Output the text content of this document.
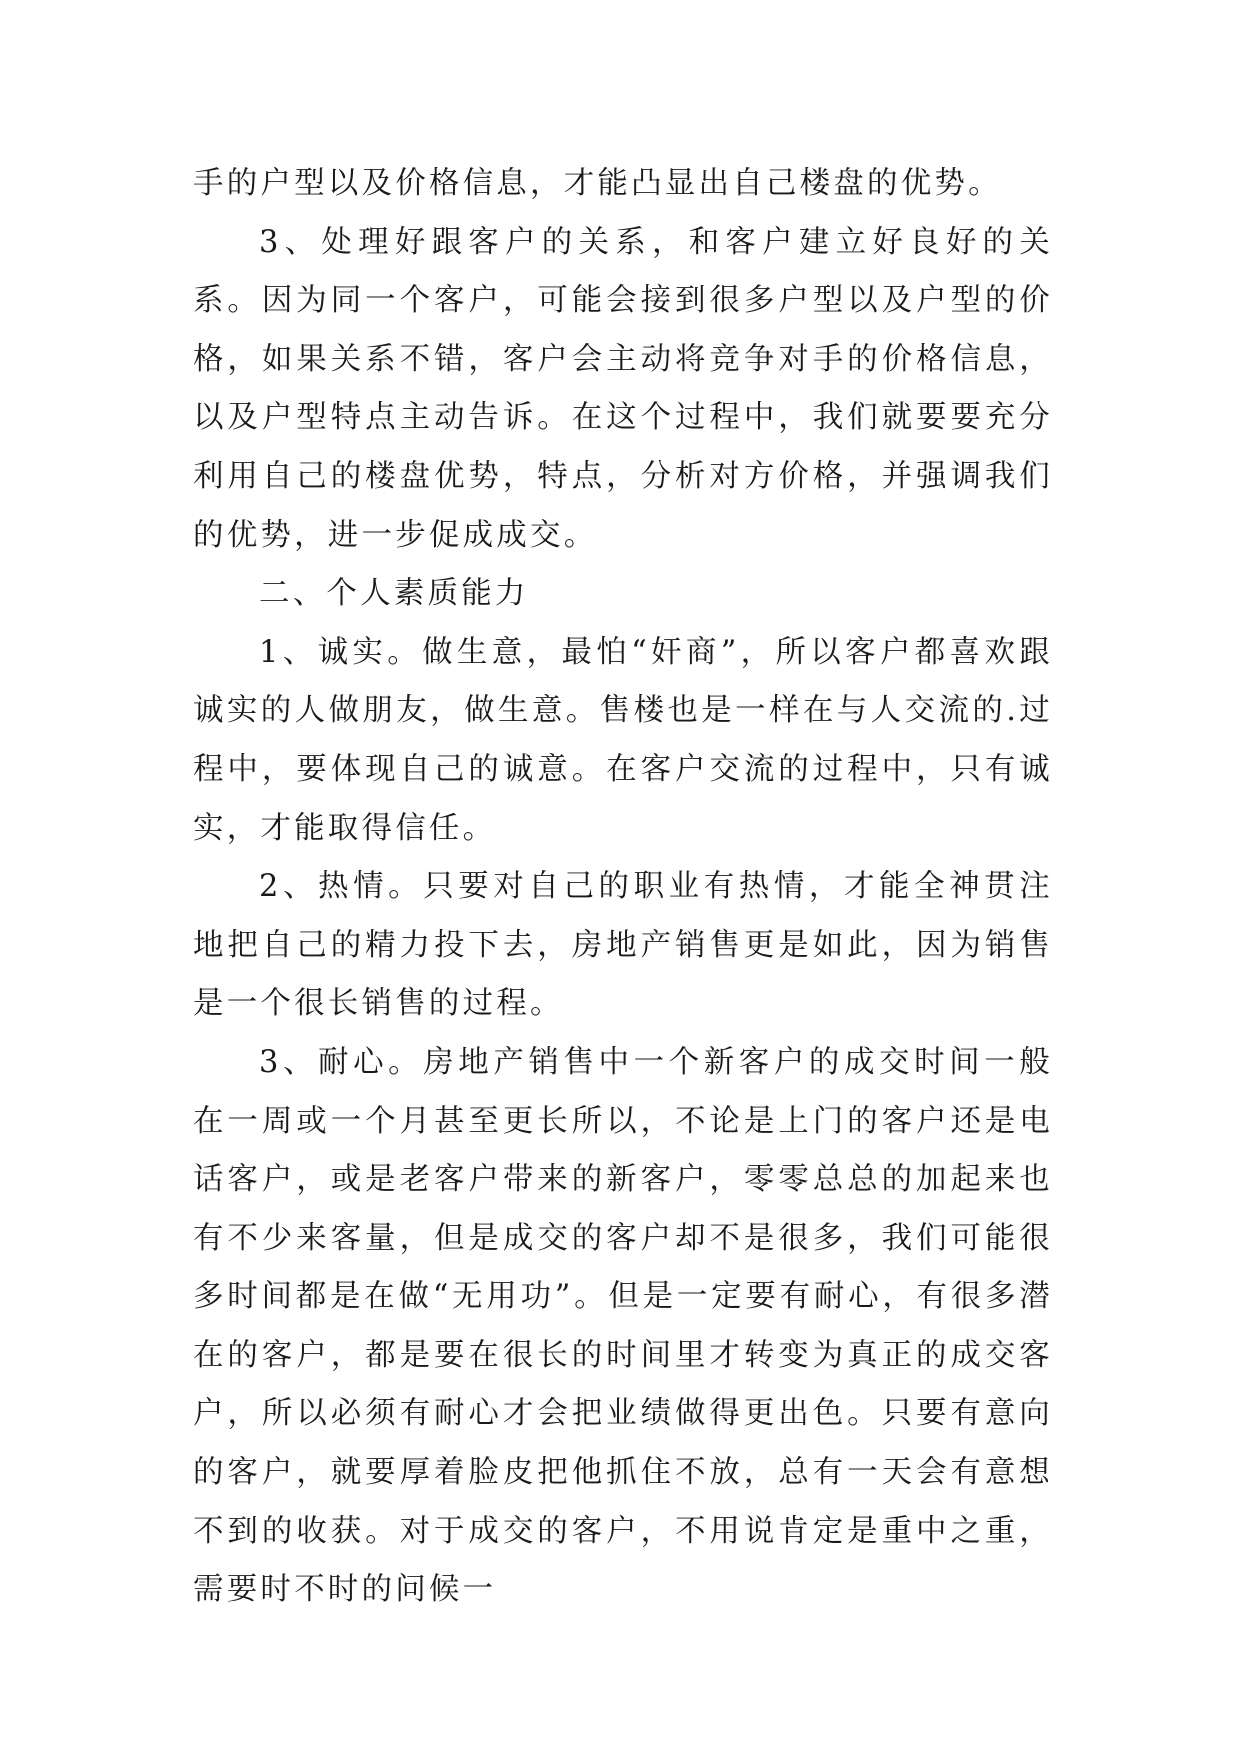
手的户型以及价格信息，才能凸显出自己楼盘的优势。

3、处理好跟客户的关系，和客户建立好良好的关系。因为同一个客户，可能会接到很多户型以及户型的价格，如果关系不错，客户会主动将竞争对手的价格信息，以及户型特点主动告诉。在这个过程中，我们就要要充分利用自己的楼盘优势，特点，分析对方价格，并强调我们的优势，进一步促成成交。

二、个人素质能力

1、诚实。做生意，最怕“奸商”，所以客户都喜欢跟诚实的人做朋友，做生意。售楼也是一样在与人交流的.过程中，要体现自己的诚意。在客户交流的过程中，只有诚实，才能取得信任。

2、热情。只要对自己的职业有热情，才能全神贯注地把自己的精力投下去，房地产销售更是如此，因为销售是一个很长销售的过程。

3、耐心。房地产销售中一个新客户的成交时间一般在一周或一个月甚至更长所以，不论是上门的客户还是电话客户，或是老客户带来的新客户，零零总总的加起来也有不少来客量，但是成交的客户却不是很多，我们可能很多时间都是在做“无用功”。但是一定要有耐心，有很多潜在的客户，都是要在很长的时间里才转变为真正的成交客户，所以必须有耐心才会把业绩做得更出色。只要有意向的客户，就要厚着脸皮把他抓住不放，总有一天会有意想不到的收获。对于成交的客户，不用说肯定是重中之重，需要时不时的问候一
